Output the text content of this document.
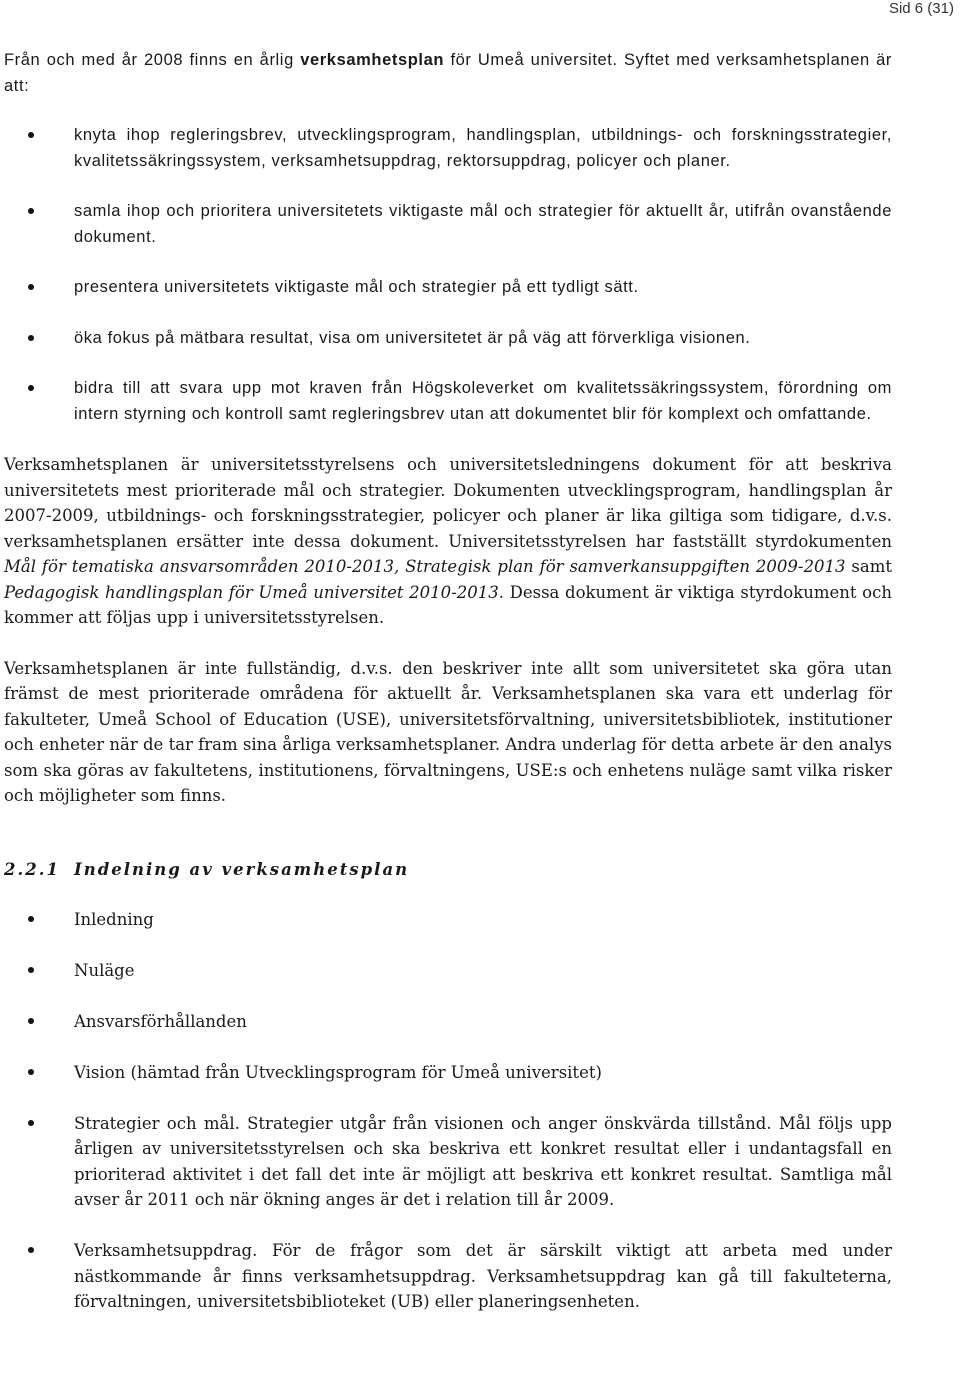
Sid 6 (31)

Från och med år 2008 finns en årlig verksamhetsplan för Umeå universitet. Syftet med verksamhetsplanen är att:

knyta ihop regleringsbrev, utvecklingsprogram, handlingsplan, utbildnings- och forskningsstrategier, kvalitetssäkringssystem, verksamhetsuppdrag, rektorsuppdrag, policyer och planer.
samla ihop och prioritera universitetets viktigaste mål och strategier för aktuellt år, utifrån ovanstående dokument.
presentera universitetets viktigaste mål och strategier på ett tydligt sätt.
öka fokus på mätbara resultat, visa om universitetet är på väg att förverkliga visionen.
bidra till att svara upp mot kraven från Högskoleverket om kvalitetssäkringssystem, förordning om intern styrning och kontroll samt regleringsbrev utan att dokumentet blir för komplext och omfattande.

Verksamhetsplanen är universitetsstyrelsens och universitetsledningens dokument för att beskriva universitetets mest prioriterade mål och strategier. Dokumenten utvecklingsprogram, handlingsplan år 2007-2009, utbildnings- och forskningsstrategier, policyer och planer är lika giltiga som tidigare, d.v.s. verksamhetsplanen ersätter inte dessa dokument. Universitetsstyrelsen har fastställt styrdokumenten Mål för tematiska ansvarsområden 2010-2013, Strategisk plan för samverkansuppgiften 2009-2013 samt Pedagogisk handlingsplan för Umeå universitet 2010-2013. Dessa dokument är viktiga styrdokument och kommer att följas upp i universitetsstyrelsen.

Verksamhetsplanen är inte fullständig, d.v.s. den beskriver inte allt som universitetet ska göra utan främst de mest prioriterade områdena för aktuellt år. Verksamhetsplanen ska vara ett underlag för fakulteter, Umeå School of Education (USE), universitetsförvaltning, universitetsbibliotek, institutioner och enheter när de tar fram sina årliga verksamhetsplaner. Andra underlag för detta arbete är den analys som ska göras av fakultetens, institutionens, förvaltningens, USE:s och enhetens nuläge samt vilka risker och möjligheter som finns.

2.2.1 Indelning av verksamhetsplan
Inledning
Nuläge
Ansvarsförhållanden
Vision (hämtad från Utvecklingsprogram för Umeå universitet)
Strategier och mål. Strategier utgår från visionen och anger önskvärda tillstånd. Mål följs upp årligen av universitetsstyrelsen och ska beskriva ett konkret resultat eller i undantagsfall en prioriterad aktivitet i det fall det inte är möjligt att beskriva ett konkret resultat. Samtliga mål avser år 2011 och när ökning anges är det i relation till år 2009.
Verksamhetsuppdrag. För de frågor som det är särskilt viktigt att arbeta med under nästkommande år finns verksamhetsuppdrag. Verksamhetsuppdrag kan gå till fakulteterna, förvaltningen, universitetsbiblioteket (UB) eller planeringsenheten.
